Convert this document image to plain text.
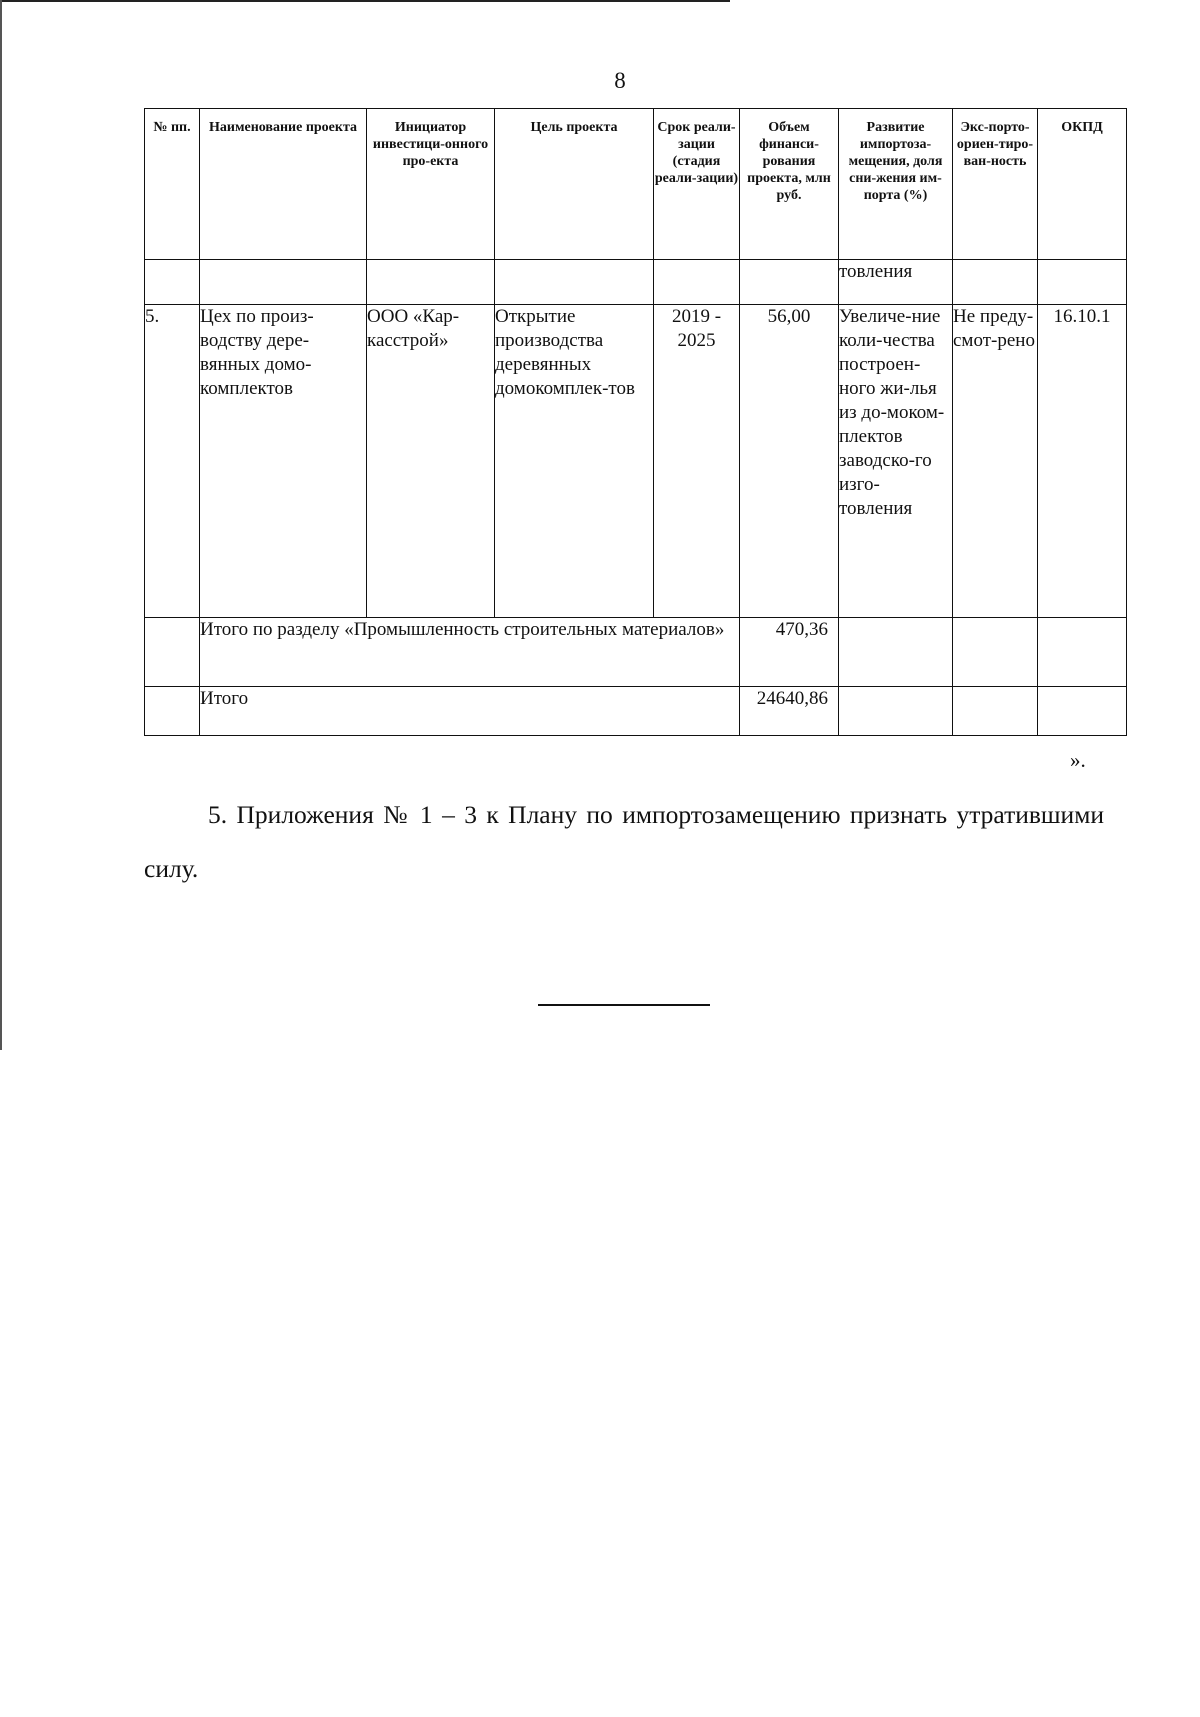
8
№ пп.	Наименование проекта	Инициатор инвестици-онного про-екта	Цель проекта	Срок реали-зации (стадия реали-зации)	Объем финанси-рования проекта, млн руб.	Развитие импортоза-мещения, доля сни-жения им-порта (%)	Экс-порто-ориен-тиро-ван-ность	ОКПД
						товления		
5.	Цех по произ-водству дере-вянных домо-комплектов	ООО «Кар-касстрой»	Открытие производства деревянных домокомплек-тов	2019 - 2025	56,00	Увеличе-ние коли-чества построен-ного жи-лья из до-моком-плектов заводско-го изго-товления	Не преду-смот-рено	16.10.1
	Итого по разделу «Промышленность строительных материалов»				470,36			
	Итого				24640,86			
».
5. Приложения № 1 – 3 к Плану по импортозамещению признать утратившими силу.
